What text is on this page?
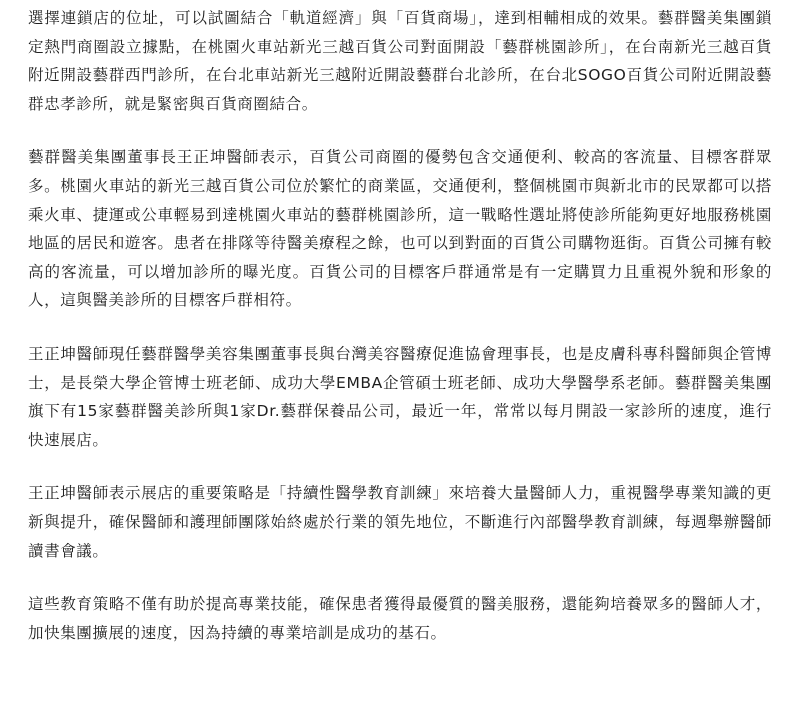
選擇連鎖店的位址，可以試圖結合「軌道經濟」與「百貨商場」，達到相輔相成的效果。藝群醫美集團鎖定熱門商圈設立據點，在桃園火車站新光三越百貨公司對面開設「藝群桃園診所」，在台南新光三越百貨附近開設藝群西門診所，在台北車站新光三越附近開設藝群台北診所，在台北SOGO百貨公司附近開設藝群忠孝診所，就是緊密與百貨商圈結合。

藝群醫美集團董事長王正坤醫師表示，百貨公司商圈的優勢包含交通便利、較高的客流量、目標客群眾多。桃園火車站的新光三越百貨公司位於繁忙的商業區，交通便利，整個桃園市與新北市的民眾都可以搭乘火車、捷運或公車輕易到達桃園火車站的藝群桃園診所，這一戰略性選址將使診所能夠更好地服務桃園地區的居民和遊客。患者在排隊等待醫美療程之餘，也可以到對面的百貨公司購物逛街。百貨公司擁有較高的客流量，可以增加診所的曝光度。百貨公司的目標客戶群通常是有一定購買力且重視外貌和形象的人，這與醫美診所的目標客戶群相符。

王正坤醫師現任藝群醫學美容集團董事長與台灣美容醫療促進協會理事長，也是皮膚科專科醫師與企管博士，是長榮大學企管博士班老師、成功大學EMBA企管碩士班老師、成功大學醫學系老師。藝群醫美集團旗下有15家藝群醫美診所與1家Dr.藝群保養品公司，最近一年，常常以每月開設一家診所的速度，進行快速展店。

王正坤醫師表示展店的重要策略是「持續性醫學教育訓練」來培養大量醫師人力，重視醫學專業知識的更新與提升，確保醫師和護理師團隊始終處於行業的領先地位，不斷進行內部醫學教育訓練，每週舉辦醫師讀書會議。

這些教育策略不僅有助於提高專業技能，確保患者獲得最優質的醫美服務，還能夠培養眾多的醫師人才，加快集團擴展的速度，因為持續的專業培訓是成功的基石。
